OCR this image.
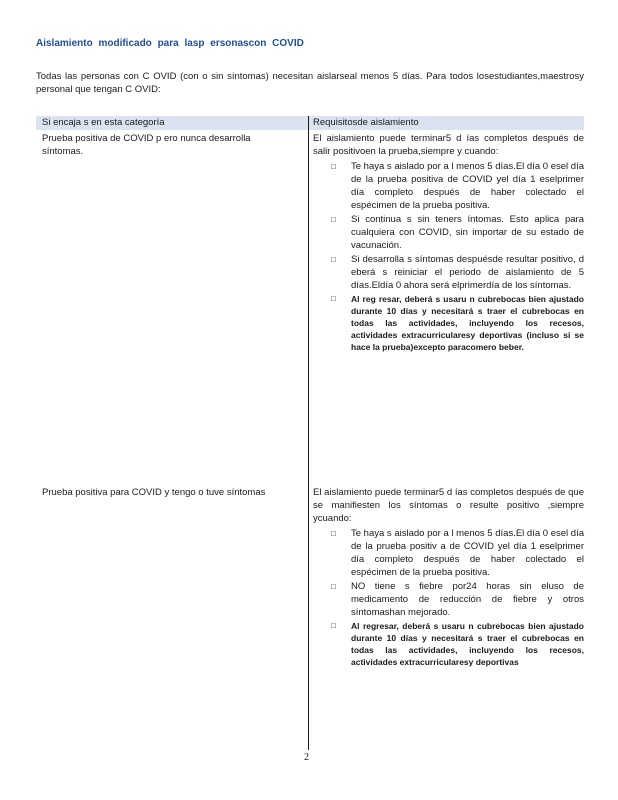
Aislamiento modificado para lasp ersonascon COVID
Todas las personas con C OVID (con o sin síntomas) necesitan aislarseal menos 5 días. Para todos losestudiantes,maestrosy personal que tengan C OVID:
Si encaja s en esta categoría	Requisitosde aislamiento
Prueba positiva de COVID p ero nunca desarrolla síntomas.

El aislamiento puede terminar5 d ías completos después de salir positivoen la prueba,siempre y cuando:

□ Te haya s aislado por a l menos 5 días.El día 0 esel día de la prueba positiva de COVID yel día 1 eselprimer día completo después de haber colectado el espécimen de la prueba positiva.
□ Si continua s sin teners íntomas. Esto aplica para cualquiera con COVID, sin importar de su estado de vacunación.
□ Si desarrolla s síntomas despuésde resultar positivo, d eberá s reiniciar el periodo de aislamiento de 5 días.Eldía 0 ahora será elprimerdía de los síntomas.
□ Al reg resar, deberá s usaru n cubrebocas bien ajustado durante 10 días y necesitará s traer el cubrebocas en todas las actividades, incluyendo los recesos, actividades extracurricularesy deportivas (incluso si se hace la prueba)excepto paracomero beber.
Prueba positiva para COVID y tengo o tuve síntomas	El aislamiento puede terminar5 d ías completos después de que se manifiesten los síntomas o resulte positivo ,siempre ycuando:

□ Te haya s aislado por a l menos 5 días.El día 0 esel día de la prueba positiv a de COVID yel día 1 eselprimer día completo después de haber colectado el espécimen de la prueba positiva.
□ NO tiene s fiebre por24 horas sin eluso de medicamento de reducción de fiebre y otros síntomashan mejorado.
□ Al regresar, deberá s usaru n cubrebocas bien ajustado durante 10 días y necesitará s traer el cubrebocas en todas las actividades, incluyendo los recesos, actividades extracurricularesy deportivas
2
